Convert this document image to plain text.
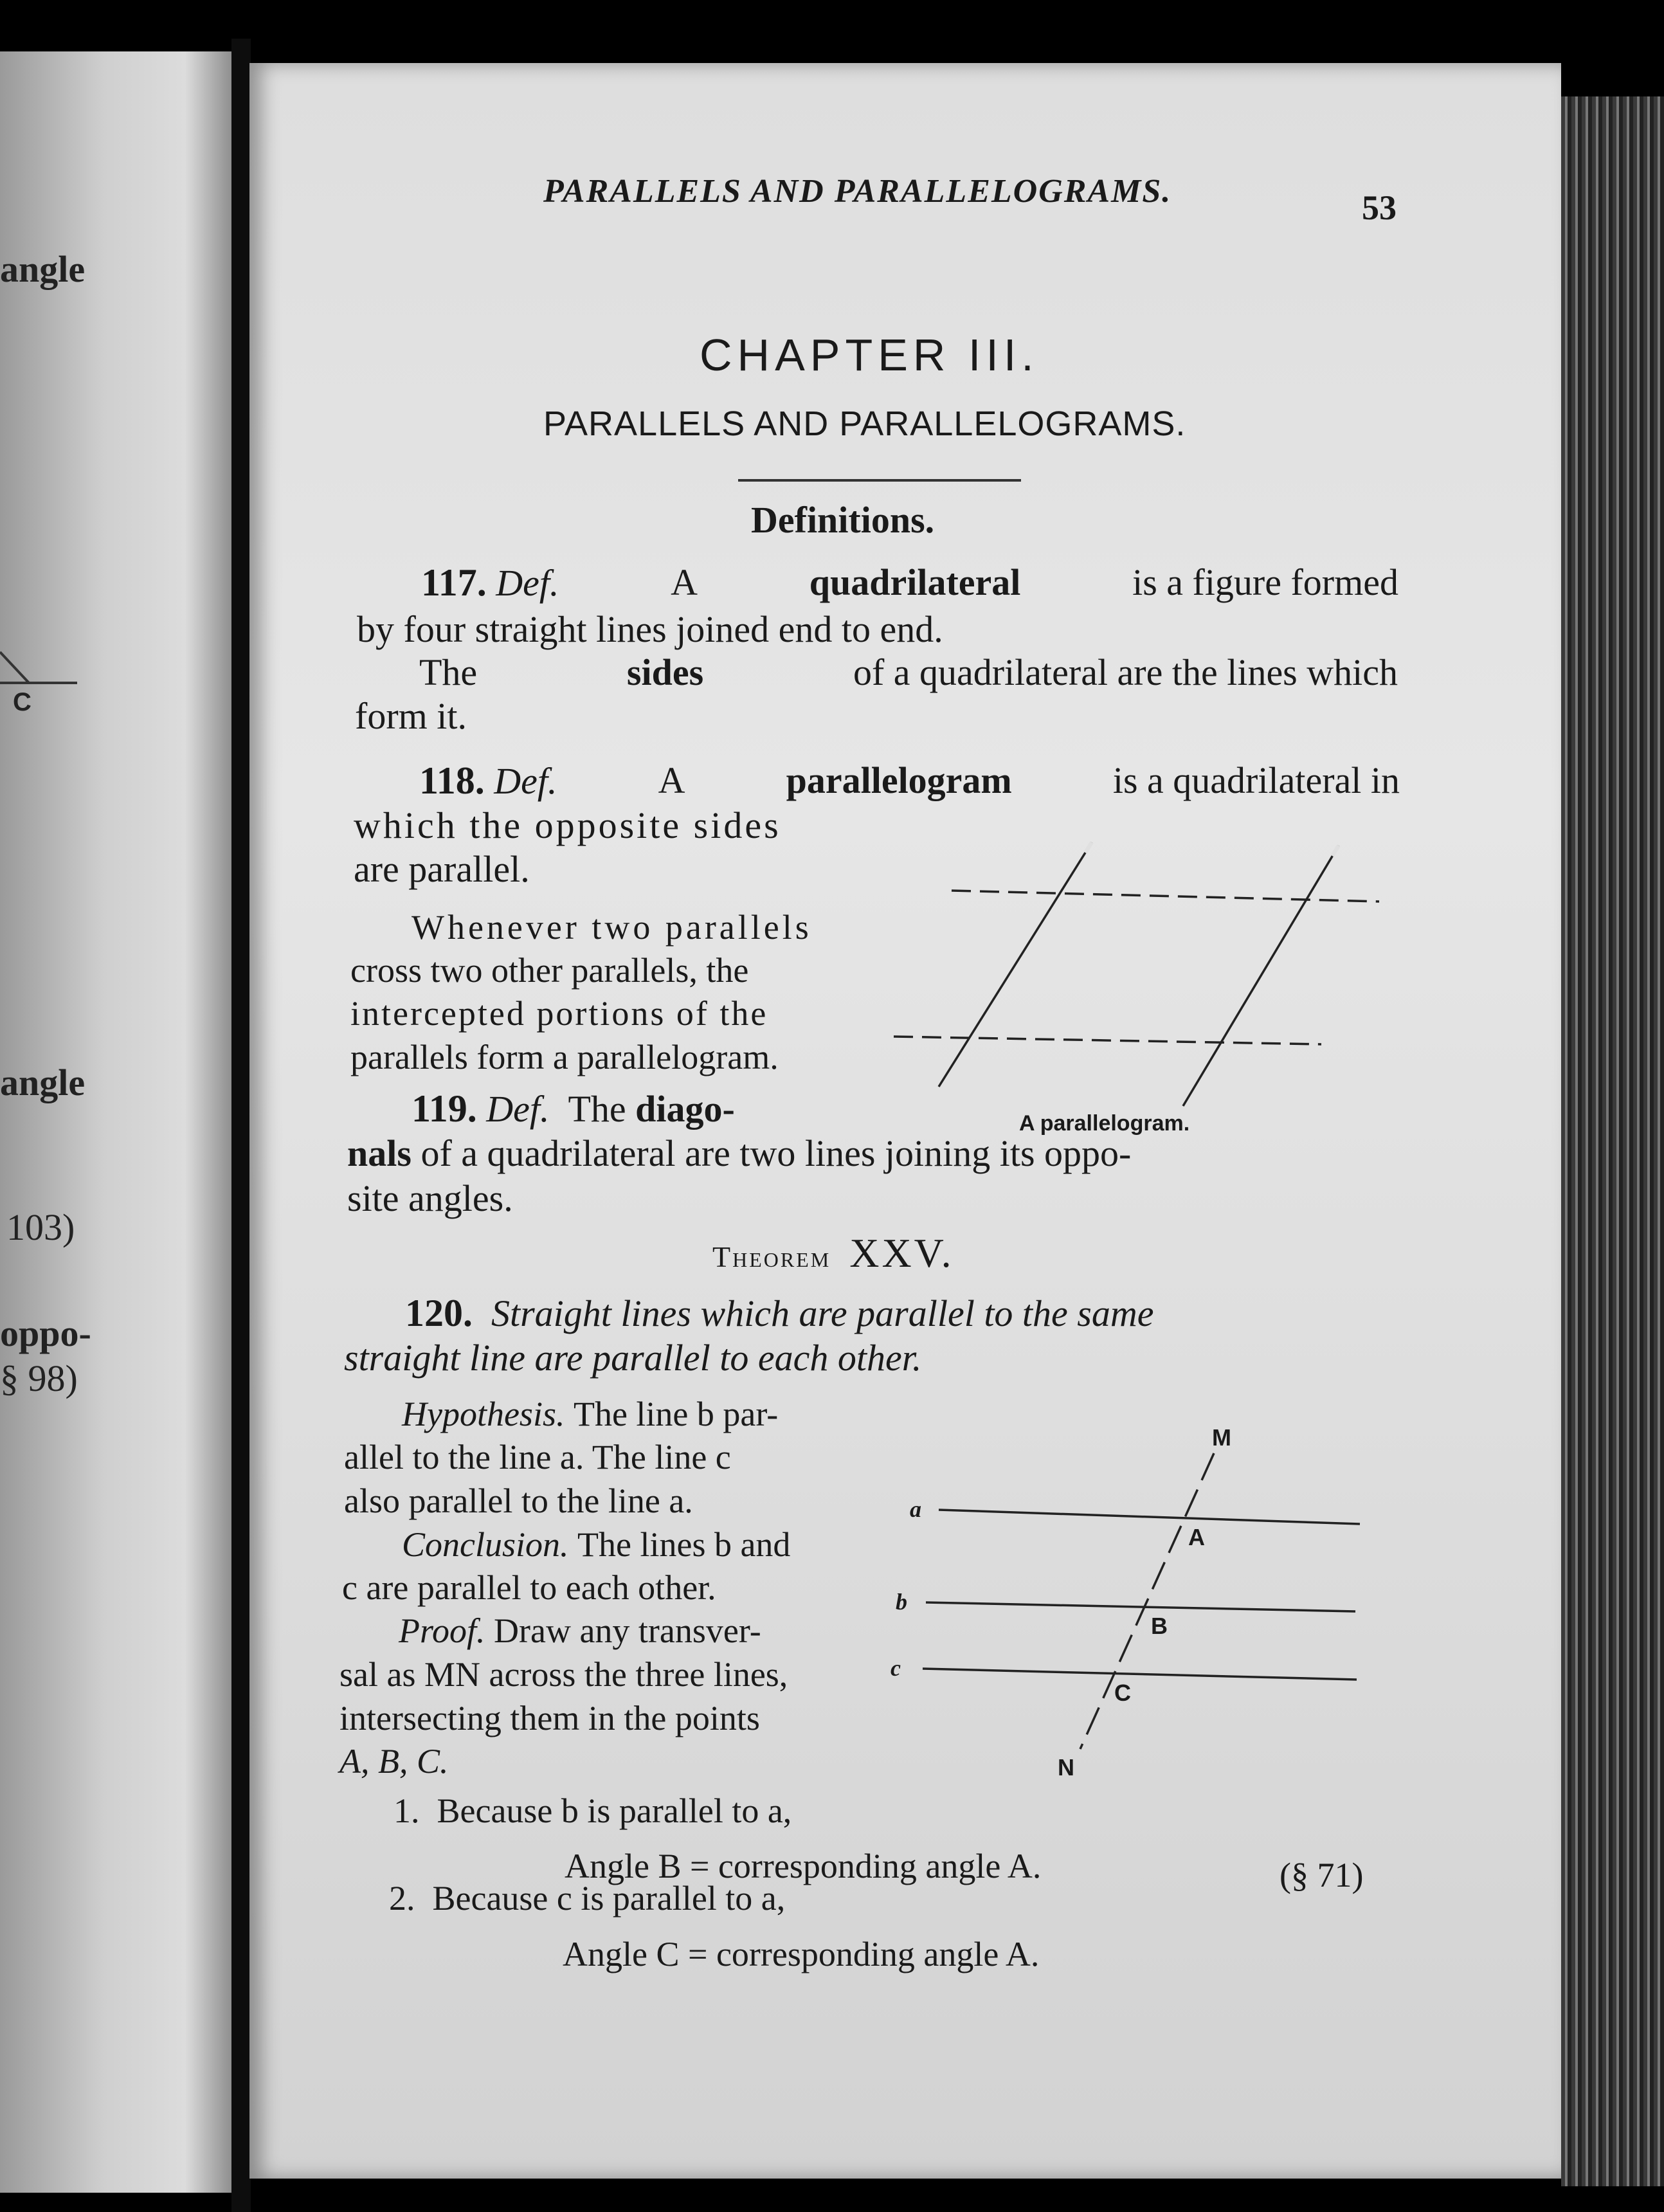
angle
C
angle
103)
oppo-
§ 98)
PARALLELS AND PARALLELOGRAMS.	53
CHAPTER III.
PARALLELS AND PARALLELOGRAMS.
Definitions.
117. Def.	A	quadrilateral	is a figure formed
by four straight lines joined end to end.
The	sides	of a quadrilateral are the lines which
form it.
118. Def.	A	parallelogram	is a quadrilateral in
which the opposite sides
are parallel.
Whenever two parallels
cross two other parallels, the
intercepted portions of the
parallels form a parallelogram.
A parallelogram.
119. Def. The diago-
nals of a quadrilateral are two lines joining its oppo-
site angles.
Theorem XXV.
120. Straight lines which are parallel to the same
straight line are parallel to each other.
Hypothesis. The line b par-
allel to the line a. The line c
also parallel to the line a.
Conclusion. The lines b and
c are parallel to each other.
Proof. Draw any transver-
sal as MN across the three lines,
intersecting them in the points
A, B, C.
M
N
A
B
C
a
b
c
1. Because b is parallel to a,
Angle B = corresponding angle A.	(§ 71)
2. Because c is parallel to a,
Angle C = corresponding angle A.
